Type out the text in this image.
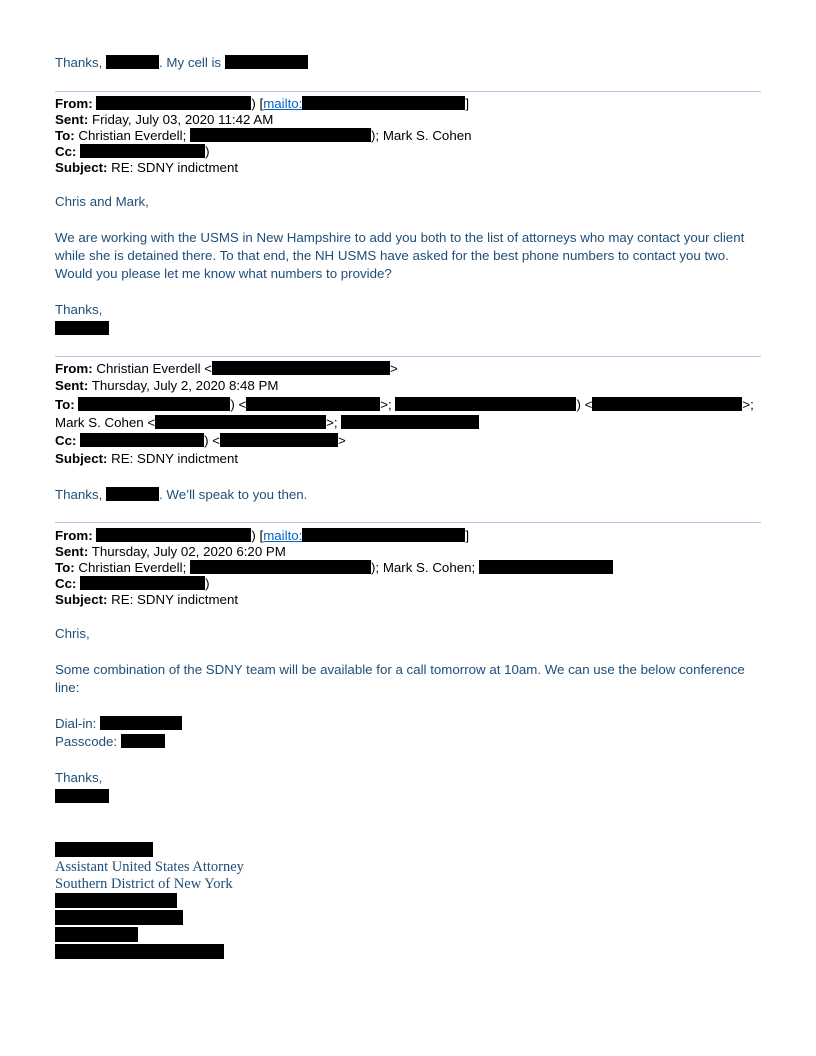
Thanks,	. My cell is
From:	) [mailto:	]
Sent: Friday, July 03, 2020 11:42 AM
To: Christian Everdell;	); Mark S. Cohen
Cc:	)
Subject: RE: SDNY indictment
Chris and Mark,
We are working with the USMS in New Hampshire to add you both to the list of attorneys who may contact your client
while she is detained there. To that end, the NH USMS have asked for the best phone numbers to contact you two.
Would you please let me know what numbers to provide?
Thanks,
From: Christian Everdell <	>
Sent: Thursday, July 2, 2020 8:48 PM
To:	) <	>;	) <	>;
Mark S. Cohen <	>;
Cc:	) <	>
Subject: RE: SDNY indictment
Thanks,	. We’ll speak to you then.
From:	) [mailto:	]
Sent: Thursday, July 02, 2020 6:20 PM
To: Christian Everdell;	); Mark S. Cohen;
Cc:	)
Subject: RE: SDNY indictment
Chris,
Some combination of the SDNY team will be available for a call tomorrow at 10am. We can use the below conference
line:
Dial-in:
Passcode:
Thanks,
Assistant United States Attorney
Southern District of New York
